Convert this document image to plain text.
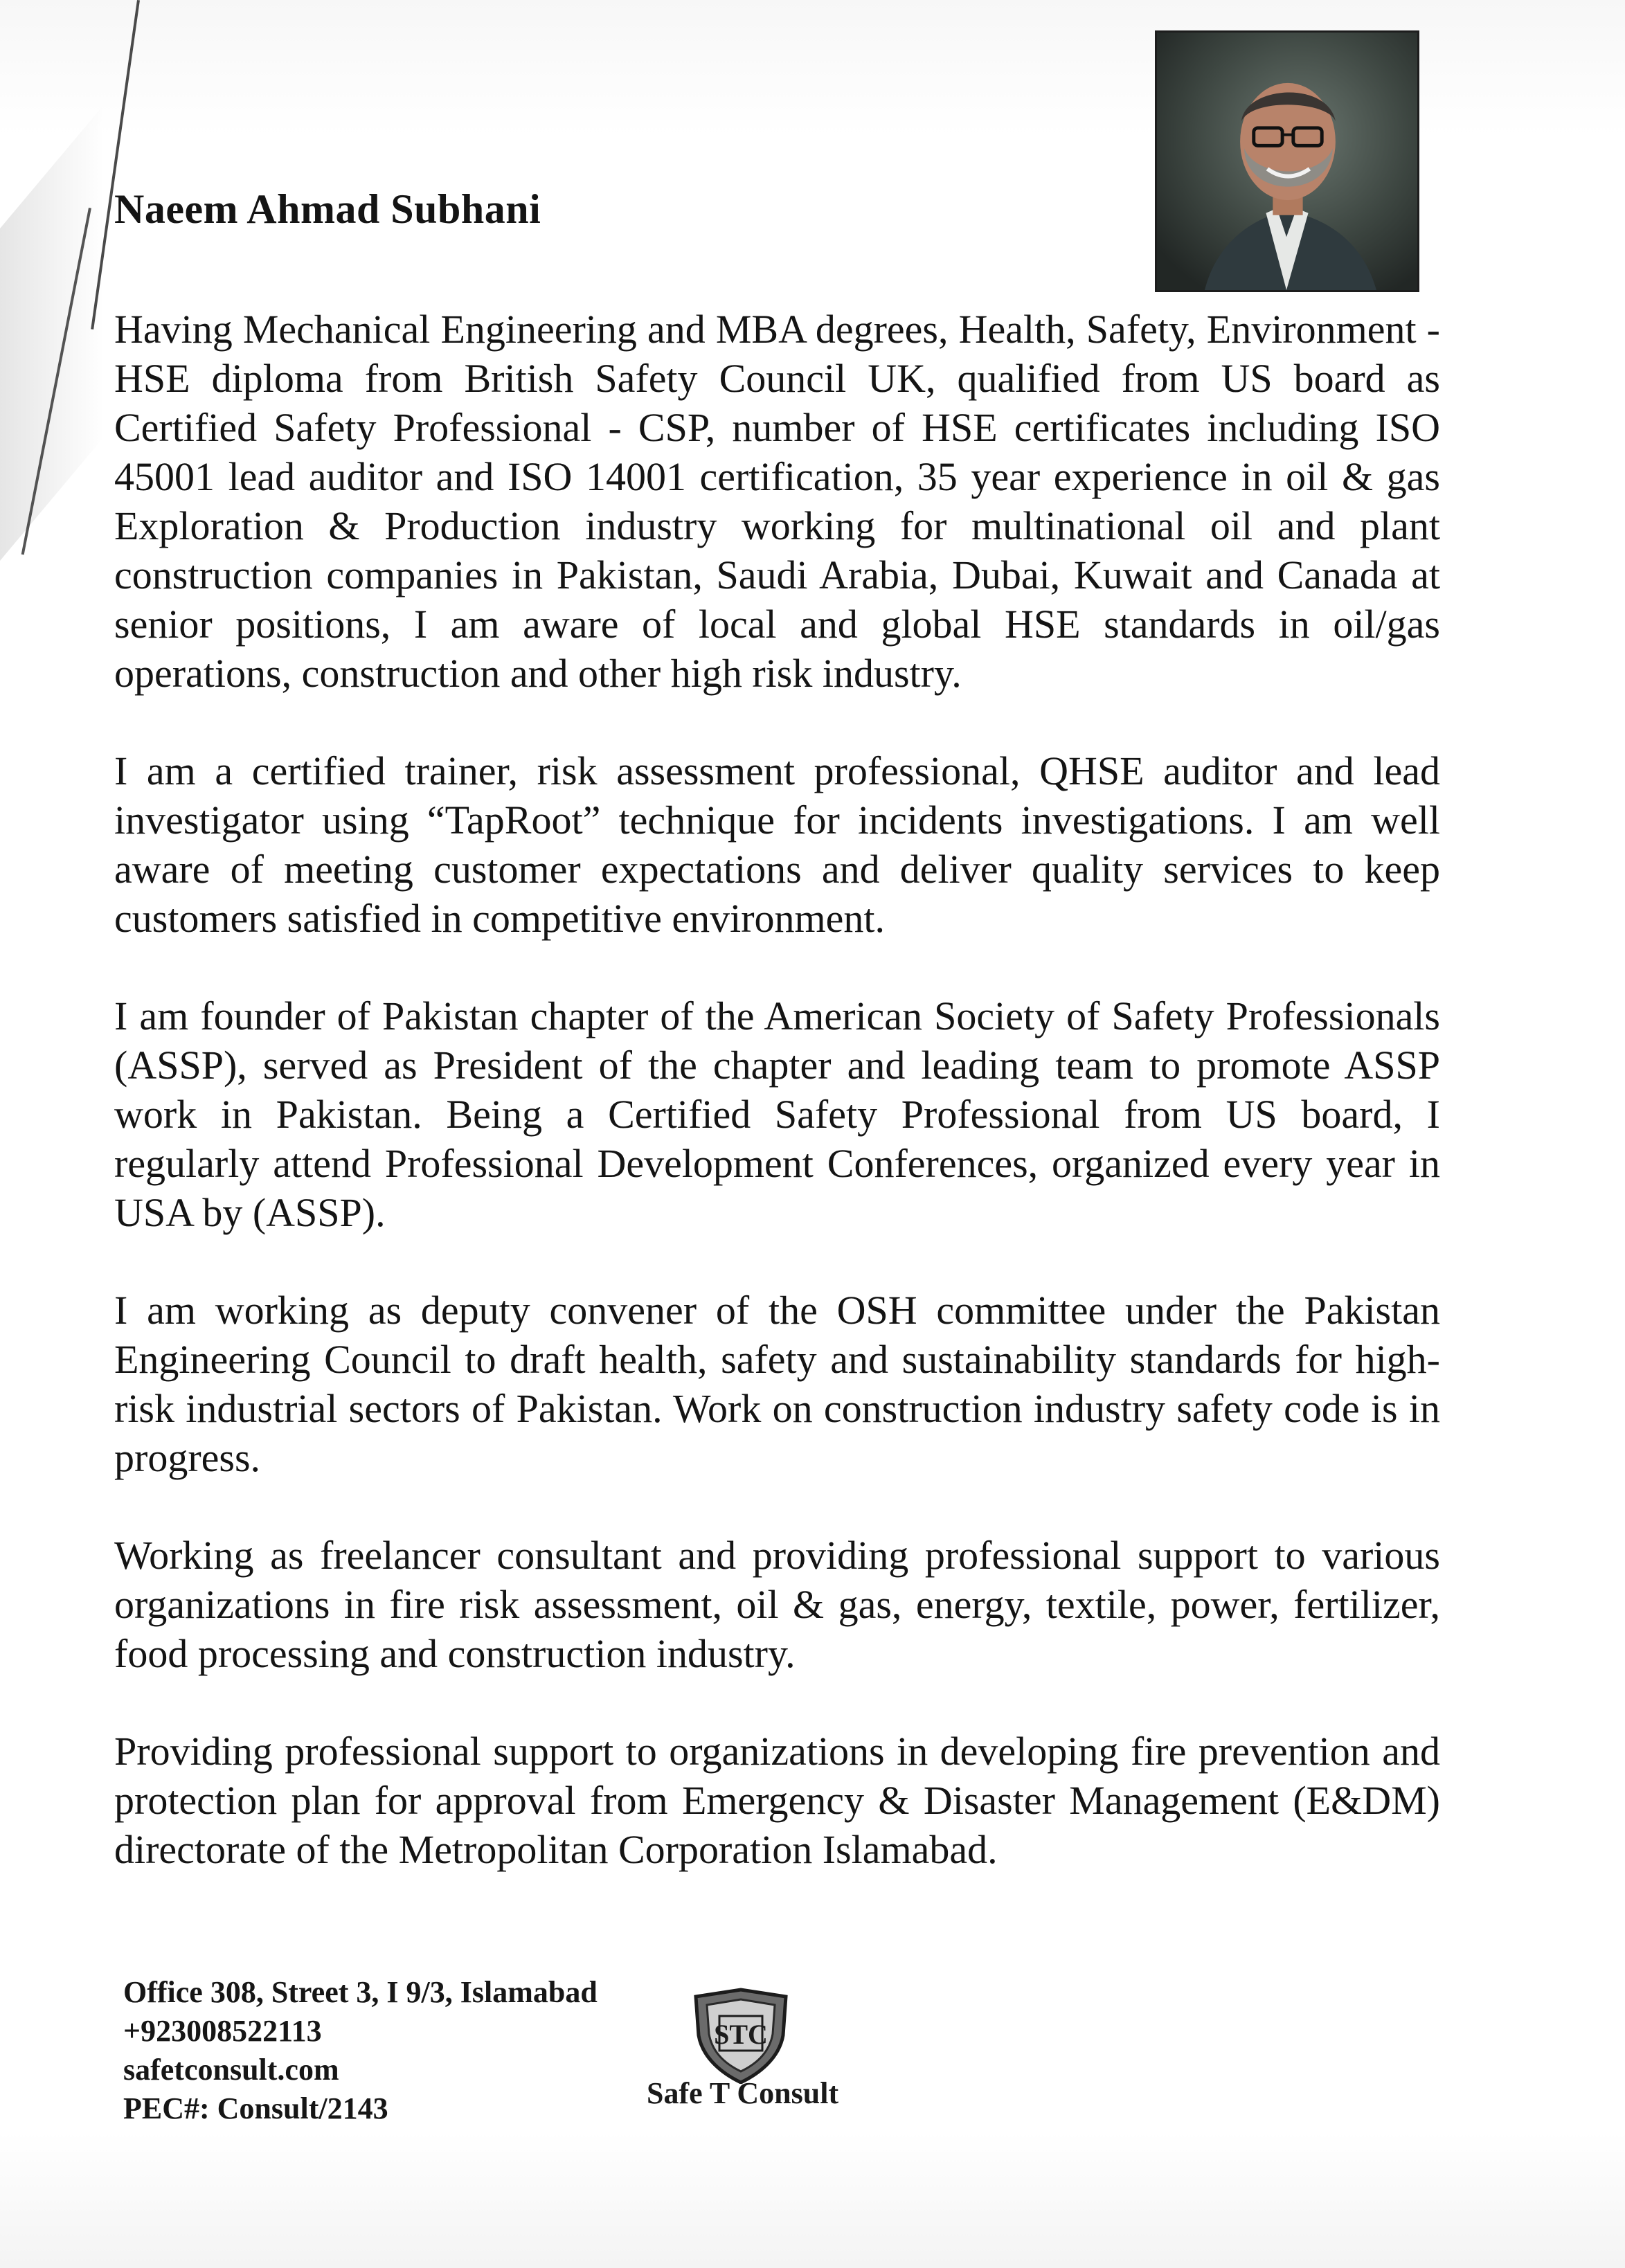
Naeem Ahmad Subhani

Having Mechanical Engineering and MBA degrees, Health, Safety, Environment - HSE diploma from British Safety Council UK, qualified from US board as Certified Safety Professional - CSP, number of HSE certificates including ISO 45001 lead auditor and ISO 14001 certification, 35 year experience in oil & gas Exploration & Production industry working for multinational oil and plant construction companies in Pakistan, Saudi Arabia, Dubai, Kuwait and Canada at senior positions, I am aware of local and global HSE standards in oil/gas operations, construction and other high risk industry.

I am a certified trainer, risk assessment professional, QHSE auditor and lead investigator using “TapRoot” technique for incidents investigations. I am well aware of meeting customer expectations and deliver quality services to keep customers satisfied in competitive environment.

I am founder of Pakistan chapter of the American Society of Safety Professionals (ASSP), served as President of the chapter and leading team to promote ASSP work in Pakistan. Being a Certified Safety Professional from US board, I regularly attend Professional Development Conferences, organized every year in USA by (ASSP).

I am working as deputy convener of the OSH committee under the Pakistan Engineering Council to draft health, safety and sustainability standards for high-risk industrial sectors of Pakistan. Work on construction industry safety code is in progress.

Working as freelancer consultant and providing professional support to various organizations in fire risk assessment, oil & gas, energy, textile, power, fertilizer, food processing and construction industry.

Providing professional support to organizations in developing fire prevention and protection plan for approval from Emergency & Disaster Management (E&DM) directorate of the Metropolitan Corporation Islamabad.

Office 308, Street 3, I 9/3, Islamabad
+923008522113
safetconsult.com
PEC#: Consult/2143
STC
Safe T Consult
